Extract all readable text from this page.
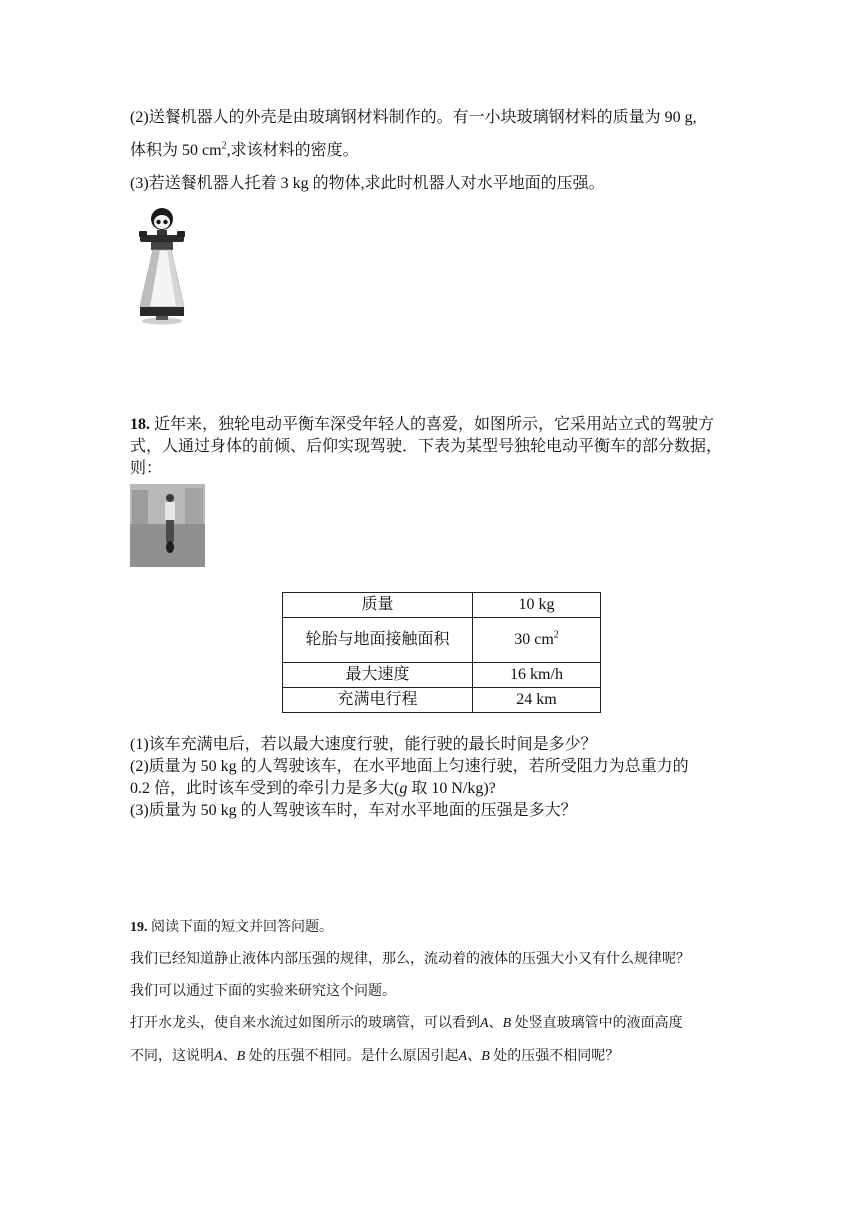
(2)送餐机器人的外壳是由玻璃钢材料制作的。有一小块玻璃钢材料的质量为 90 g,
体积为 50 $cm^2$,求该材料的密度。
(3)若送餐机器人托着 3 kg 的物体,求此时机器人对水平地面的压强。
18. 近年来，独轮电动平衡车深受年轻人的喜爱，如图所示，它采用站立式的驾驶方式，人通过身体的前倾、后仰实现驾驶．下表为某型号独轮电动平衡车的部分数据，则：
质量	10 kg
轮胎与地面接触面积	30 $cm^2$
最大速度	16 km/h
充满电行程	24 km
(1)该车充满电后，若以最大速度行驶，能行驶的最长时间是多少？
(2)质量为 50 kg 的人驾驶该车，在水平地面上匀速行驶，若所受阻力为总重力的
0.2 倍，此时该车受到的牵引力是多大(g 取 10 N/kg)?
(3)质量为 50 kg 的人驾驶该车时，车对水平地面的压强是多大？
19. 阅读下面的短文并回答问题。
我们已经知道静止液体内部压强的规律，那么，流动着的液体的压强大小又有什么规律呢？
我们可以通过下面的实验来研究这个问题。
打开水龙头，使自来水流过如图所示的玻璃管，可以看到A、B 处竖直玻璃管中的液面高度
不同，这说明A、B 处的压强不相同。是什么原因引起A、B 处的压强不相同呢？
